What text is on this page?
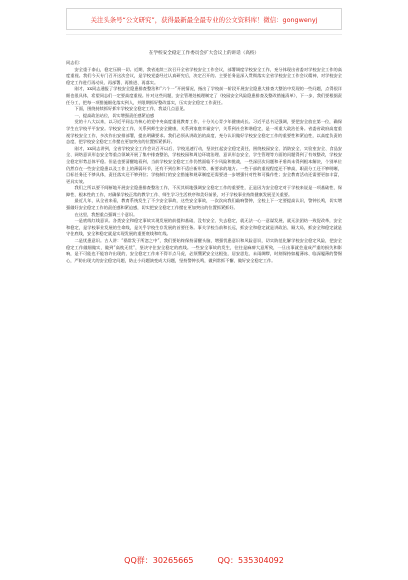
关注头条号“公文研究”，获得最新最全最专业的公文资料库！微信：gongwenyj
在学校安全稳定工作委员会扩大会议上的讲话（高校）

同志们：

安全重于泰山，稳定压倒一切。近期，我省连续三次召开全省学校安全工作会议，部署调度学校安全工作，充分体现出省委对学校安全工作的高度重视。我们今天专门召开这次会议，是学校党委经过认真研究后，决定召开的。主要任务是深入贯彻落实全省学校安全工作会议精神，对学校安全稳定工作进行再动员、再部署、再推进、再落实。

刚才，xx同志通报了学校安全隐患排查整治和“六个一”开展情况，指出了学校前一阶段开展安全隐患大排查大整治中发现的一些问题，点得很详细也很具体，希望同志们一定要高度重视。针对这些问题，安全管理处梳理制定了《校园安全风险隐患排查及整改措施清单》，下一步，我们要根据责任分工，把每一项措施细化落实到人，并限期抓好整改落实，压实安全稳定工作责任。

下面，围绕持续抓好抓牢学校安全稳定工作，我谈几点意见。

一、提高政治站位，切实增强责任感紧迫感

党的十八大以来，以习近平同志为核心的党中央高度重视教育工作，十分关心青少年健康成长。习近平总书记强调，要把安全放在第一位，确保学生在学校平平安安。学校安全工作，关系到师生安全健康，关系到家庭幸福安宁，关系到社会和谐稳定，是一项重大政治任务。省委省政府高度重视学校安全工作，多次作出安排部署，提出明确要求。我们必须从讲政治的高度，充分认识做好学校安全稳定工作的重要性和紧迫性，以高度负责的态度，把学校安全稳定工作摆在更加突出的位置抓紧抓好。

刚才，xx同志讲到，全省学校安全工作会议召开以后，学校迅速行动，坚决扛起安全稳定责任，围绕校园安全、消防安全、实验室安全、食品安全、网络意识形态安全等重点领域开展了集中排查整治，学校校园和周边环境治理、意识形态安全、学生管理等方面的问题得到了有效整改，学校安全稳定形势总体平稳。但是也要清醒地看到，当前学校安全稳定工作仍然面临不少风险和挑战，一些深层次问题和矛盾尚未得到根本解决，个别单位仍然存在一些安全隐患以及工作上的薄弱环节，还有不到位和不适应新形势、新要求的地方。一些干部的重视程度还不够高，职责分工还不够明晰，目标任务还不够具体，责任落实还不够到位；学校制订的安全措施和规章制度还需要进一步增强针对性和可操作性；安全教育活动还需要更加丰富，更具实效。

我们之所以要不间断地开展安全隐患排查整治工作，不厌其烦地强调安全稳定工作的重要性，正是因为安全稳定对于学校来说是一项基础性、保障性、根本性的工作，对确保学校正常的教学工作、师生学习生活秩序和美好前景，对于学校事业持续健康发展至关重要。

最近几年，从全省来看，教育系统发生了不少安全事故，这些安全事故，一次次向我们敲响警钟，全校上下一定要提高认识，警钟长鸣，切实增强做好安全稳定工作的责任感和紧迫感，切实把安全稳定工作摆在更加突出的位置抓紧抓好。

在这里，我想重点强调三个意识。

一是底线红线意识。各类安全和稳定事故实现发展的前提和基础，没有安全、失去稳定，就无法一心一意谋发展，就无法团结一致促改革，安全和稳定，是学校事业发展的生命线，是关乎学校生存发展的首要任务。事关学校当前和长远，抓安全和稳定就是讲政治、顾大局，抓安全和稳定就是守住底线，安全和稳定就是实现发展的重要底线和红线。

二是忧患意识。古人讲：“祸常发于所忽之中”，我们要始终保持清醒头脑，增强忧患意识和风险意识，切实防范化解学校安全稳定风险，把安全稳定工作做细做实，做到“高枕无忧”，坚决守住安全稳定的底线。一些安全事故的发生，往往是麻痹大意所致，一旦出事就会造成严重的损失和影响，是不可能也不能容许出现的，安全稳定工作来不得半点马虎，必须绷紧安全这根弦，居安思危、未雨绸缪，时刻保持如履薄冰、临深履薄的警惕心，严防出现大的安全稳定问题，防止小问题演变成大问题，坚持警钟长鸣，做到常抓不懈，做好安全稳定工作。

QQ群：30265665	QQ：535304092
